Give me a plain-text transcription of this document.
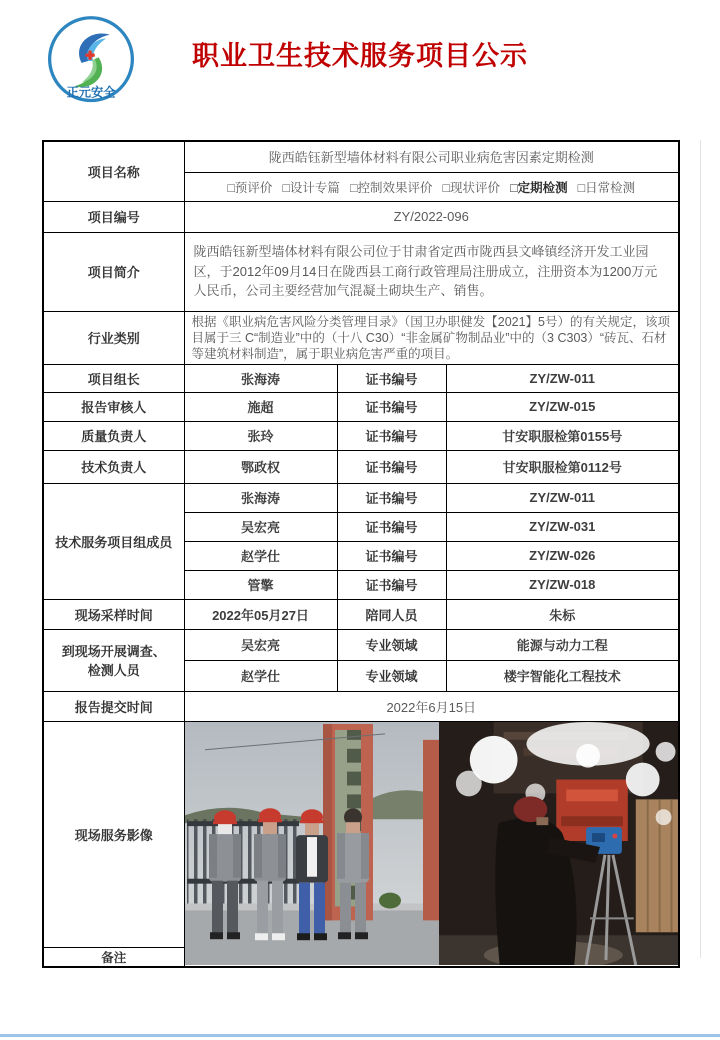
正元安全
职业卫生技术服务项目公示
项目名称	陇西皓钰新型墙体材料有限公司职业病危害因素定期检测		
	□预评价 □设计专篇 □控制效果评价 □现状评价 □定期检测 □日常检测		
项目编号	ZY/2022-096		
项目简介	陇西皓钰新型墙体材料有限公司位于甘肃省定西市陇西县文峰镇经济开发工业园区，于2012年09月14日在陇西县工商行政管理局注册成立，注册资本为1200万元人民币，公司主要经营加气混凝土砌块生产、销售。		
行业类别	根据《职业病危害风险分类管理目录》（国卫办职健发【2021】5号）的有关规定，该项目属于三 C“制造业”中的（十八 C30）“非金属矿物制品业”中的（3 C303）“砖瓦、石材等建筑材料制造”，属于职业病危害严重的项目。		
项目组长	张海涛	证书编号	ZY/ZW-011
报告审核人	施超	证书编号	ZY/ZW-015
质量负责人	张玲	证书编号	甘安职服检第0155号
技术负责人	鄂政权	证书编号	甘安职服检第0112号
技术服务项目组成员	张海涛	证书编号	ZY/ZW-011
	吴宏亮	证书编号	ZY/ZW-031
	赵学仕	证书编号	ZY/ZW-026
	管擎	证书编号	ZY/ZW-018
现场采样时间	2022年05月27日	陪同人员	朱标
到现场开展调查、检测人员	吴宏亮	专业领域	能源与动力工程
	赵学仕	专业领域	楼宇智能化工程技术
报告提交时间	2022年6月15日		
现场服务影像	

备注			
